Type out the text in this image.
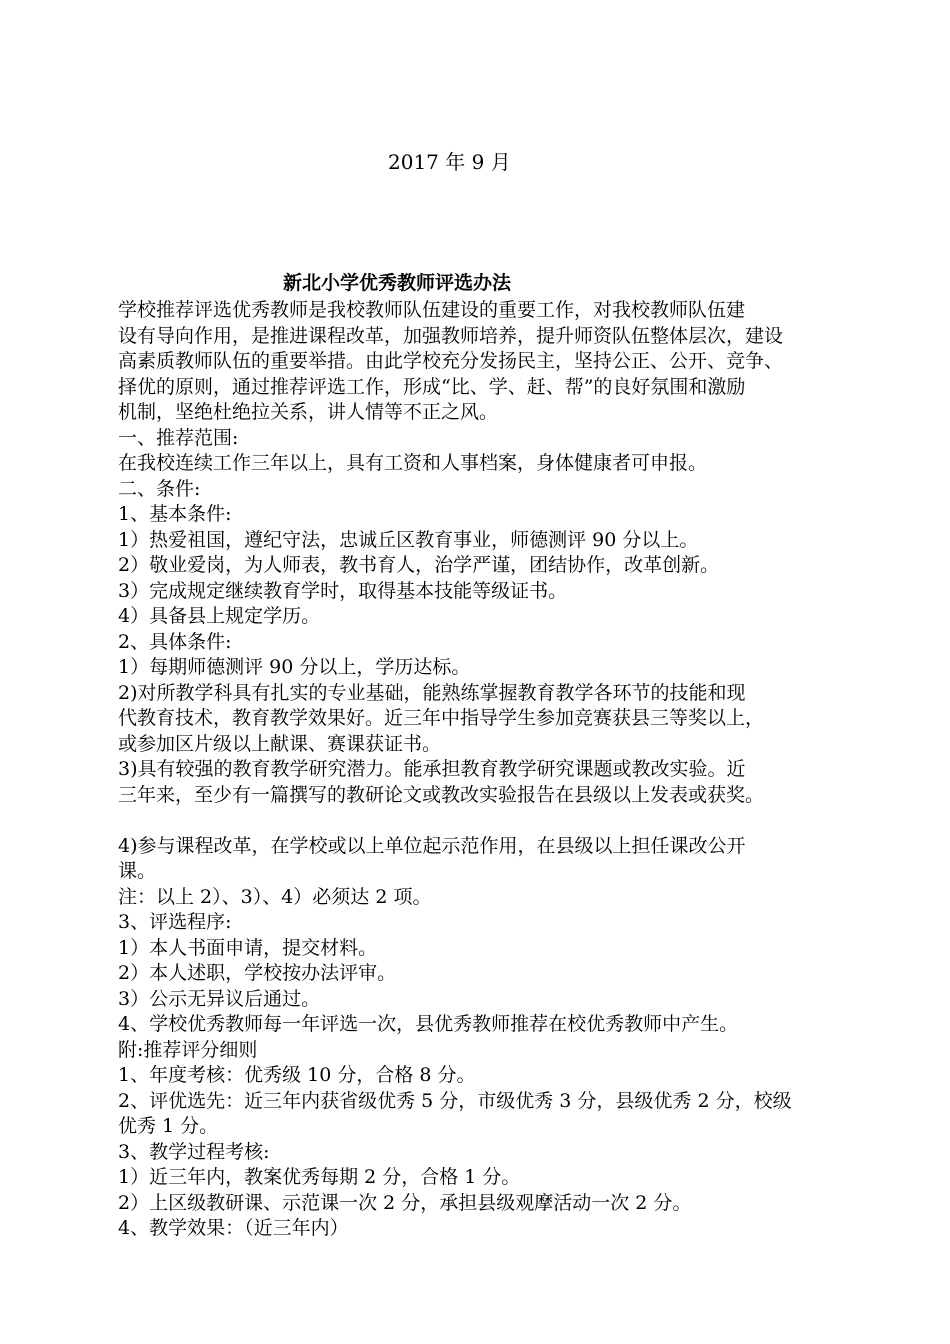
2017 年 9 月
新北小学优秀教师评选办法
学校推荐评选优秀教师是我校教师队伍建设的重要工作，对我校教师队伍建
设有导向作用，是推进课程改革，加强教师培养，提升师资队伍整体层次，建设
高素质教师队伍的重要举措。由此学校充分发扬民主，坚持公正、公开、竞争、
择优的原则，通过推荐评选工作，形成“比、学、赶、帮”的良好氛围和激励
机制，坚绝杜绝拉关系，讲人情等不正之风。
一、推荐范围:
在我校连续工作三年以上，具有工资和人事档案，身体健康者可申报。
二、条件:
1、基本条件:
1）热爱祖国，遵纪守法，忠诚丘区教育事业，师德测评 90 分以上。
2）敬业爱岗，为人师表，教书育人，治学严谨，团结协作，改革创新。
3）完成规定继续教育学时，取得基本技能等级证书。
4）具备县上规定学历。
2、具体条件:
1）每期师德测评 90 分以上，学历达标。
2)对所教学科具有扎实的专业基础，能熟练掌握教育教学各环节的技能和现
代教育技术，教育教学效果好。近三年中指导学生参加竞赛获县三等奖以上，
或参加区片级以上献课、赛课获证书。
3)具有较强的教育教学研究潜力。能承担教育教学研究课题或教改实验。近
三年来，至少有一篇撰写的教研论文或教改实验报告在县级以上发表或获奖。
4)参与课程改革，在学校或以上单位起示范作用，在县级以上担任课改公开
课。
注：以上 2）、3）、4）必须达 2 项。
3、评选程序:
1）本人书面申请，提交材料。
2）本人述职，学校按办法评审。
3）公示无异议后通过。
4、学校优秀教师每一年评选一次，县优秀教师推荐在校优秀教师中产生。
附:推荐评分细则
1、年度考核：优秀级 10 分，合格 8 分。
2、评优选先：近三年内获省级优秀 5 分，市级优秀 3 分，县级优秀 2 分，校级
优秀 1 分。
3、教学过程考核:
1）近三年内，教案优秀每期 2 分，合格 1 分。
2）上区级教研课、示范课一次 2 分，承担县级观摩活动一次 2 分。
4、教学效果：（近三年内）
